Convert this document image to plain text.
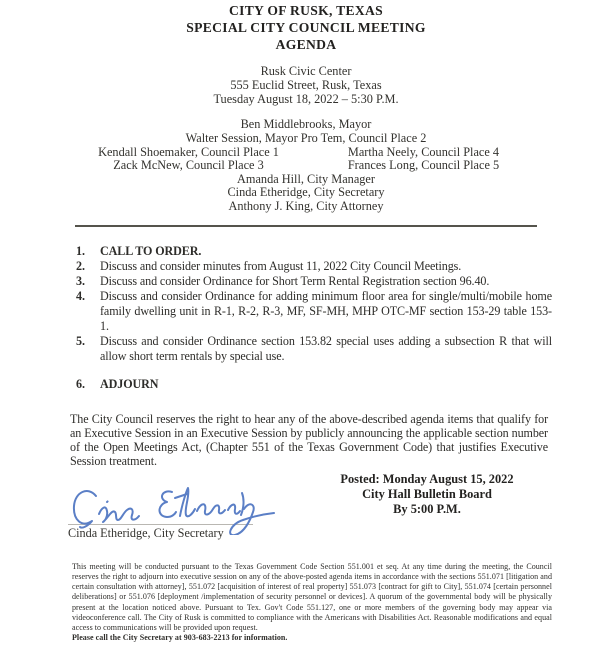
CITY OF RUSK, TEXAS
SPECIAL CITY COUNCIL MEETING
AGENDA
Rusk Civic Center
555 Euclid Street, Rusk, Texas
Tuesday August 18, 2022 – 5:30 P.M.
Ben Middlebrooks, Mayor
Walter Session, Mayor Pro Tem, Council Place 2
Kendall Shoemaker, Council Place 1	Martha Neely, Council Place 4
Zack McNew, Council Place 3	Frances Long, Council Place 5
Amanda Hill, City Manager
Cinda Etheridge, City Secretary
Anthony J. King, City Attorney
1. CALL TO ORDER.
2. Discuss and consider minutes from August 11, 2022 City Council Meetings.
3. Discuss and consider Ordinance for Short Term Rental Registration section 96.40.
4. Discuss and consider Ordinance for adding minimum floor area for single/multi/mobile home family dwelling unit in R-1, R-2, R-3, MF, SF-MH, MHP OTC-MF section 153-29 table 153-1.
5. Discuss and consider Ordinance section 153.82 special uses adding a subsection R that will allow short term rentals by special use.
6. ADJOURN
The City Council reserves the right to hear any of the above-described agenda items that qualify for an Executive Session in an Executive Session by publicly announcing the applicable section number of the Open Meetings Act, (Chapter 551 of the Texas Government Code) that justifies Executive Session treatment.
Posted: Monday August 15, 2022
City Hall Bulletin Board
By 5:00 P.M.
Cinda Etheridge, City Secretary
This meeting will be conducted pursuant to the Texas Government Code Section 551.001 et seq. At any time during the meeting, the Council reserves the right to adjourn into executive session on any of the above-posted agenda items in accordance with the sections 551.071 [litigation and certain consultation with attorney], 551.072 [acquisition of interest of real property] 551.073 [contract for gift to City], 551.074 [certain personnel deliberations] or 551.076 [deployment /implementation of security personnel or devices]. A quorum of the governmental body will be physically present at the location noticed above. Pursuant to Tex. Gov't Code 551.127, one or more members of the governing body may appear via videoconference call. The City of Rusk is committed to compliance with the Americans with Disabilities Act. Reasonable modifications and equal access to communications will be provided upon request.
Please call the City Secretary at 903-683-2213 for information.
